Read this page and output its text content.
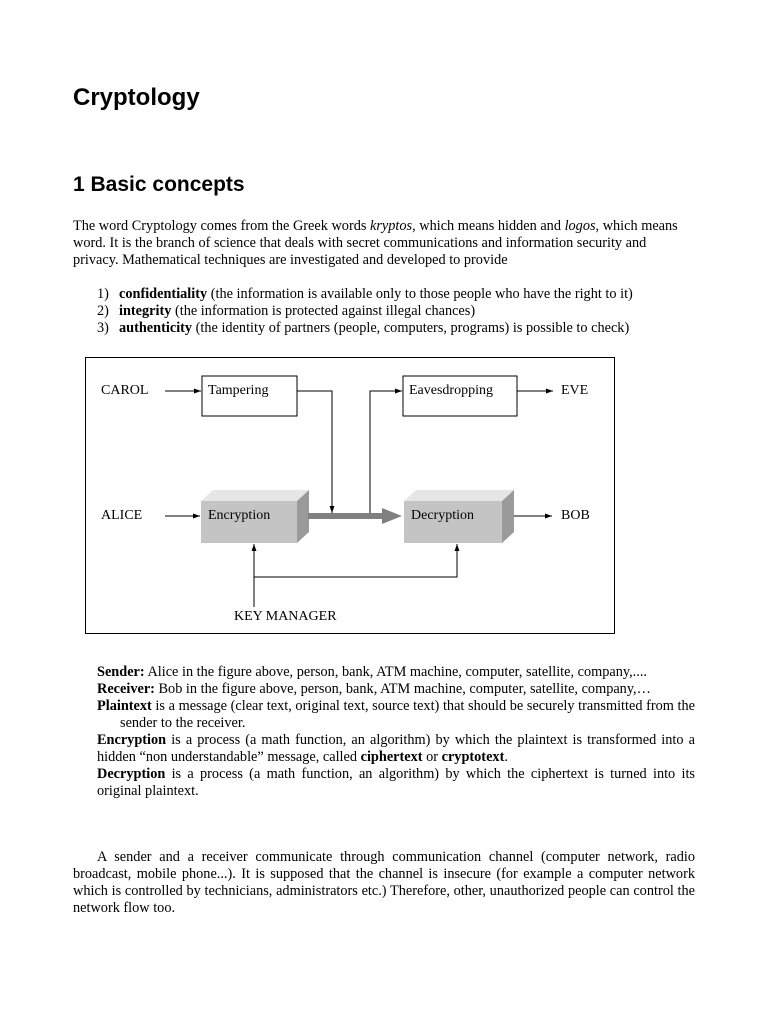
Cryptology
1 Basic concepts

The word Cryptology comes from the Greek words kryptos, which means hidden and logos, which means word. It is the branch of science that deals with secret communications and information security and privacy. Mathematical techniques are investigated and developed to provide

1) confidentiality (the information is available only to those people who have the right to it)
2) integrity (the information is protected against illegal chances)
3) authenticity (the identity of partners (people, computers, programs) is possible to check)
CAROL	EVE
ALICE	BOB
KEY MANAGER
Tampering	Eavesdropping
Encryption	Decryption

Sender: Alice in the figure above, person, bank, ATM machine, computer, satellite, company,....

Receiver: Bob in the figure above, person, bank, ATM machine, computer, satellite, company,…

Plaintext is a message (clear text, original text, source text) that should be securely transmitted from the sender to the receiver.

Encryption is a process (a math function, an algorithm) by which the plaintext is transformed into a hidden “non understandable” message, called ciphertext or cryptotext.

Decryption is a process (a math function, an algorithm) by which the ciphertext is turned into its original plaintext.

A sender and a receiver communicate through communication channel (computer network, radio broadcast, mobile phone...). It is supposed that the channel is insecure (for example a computer network which is controlled by technicians, administrators etc.) Therefore, other, unauthorized people can control the network flow too.
